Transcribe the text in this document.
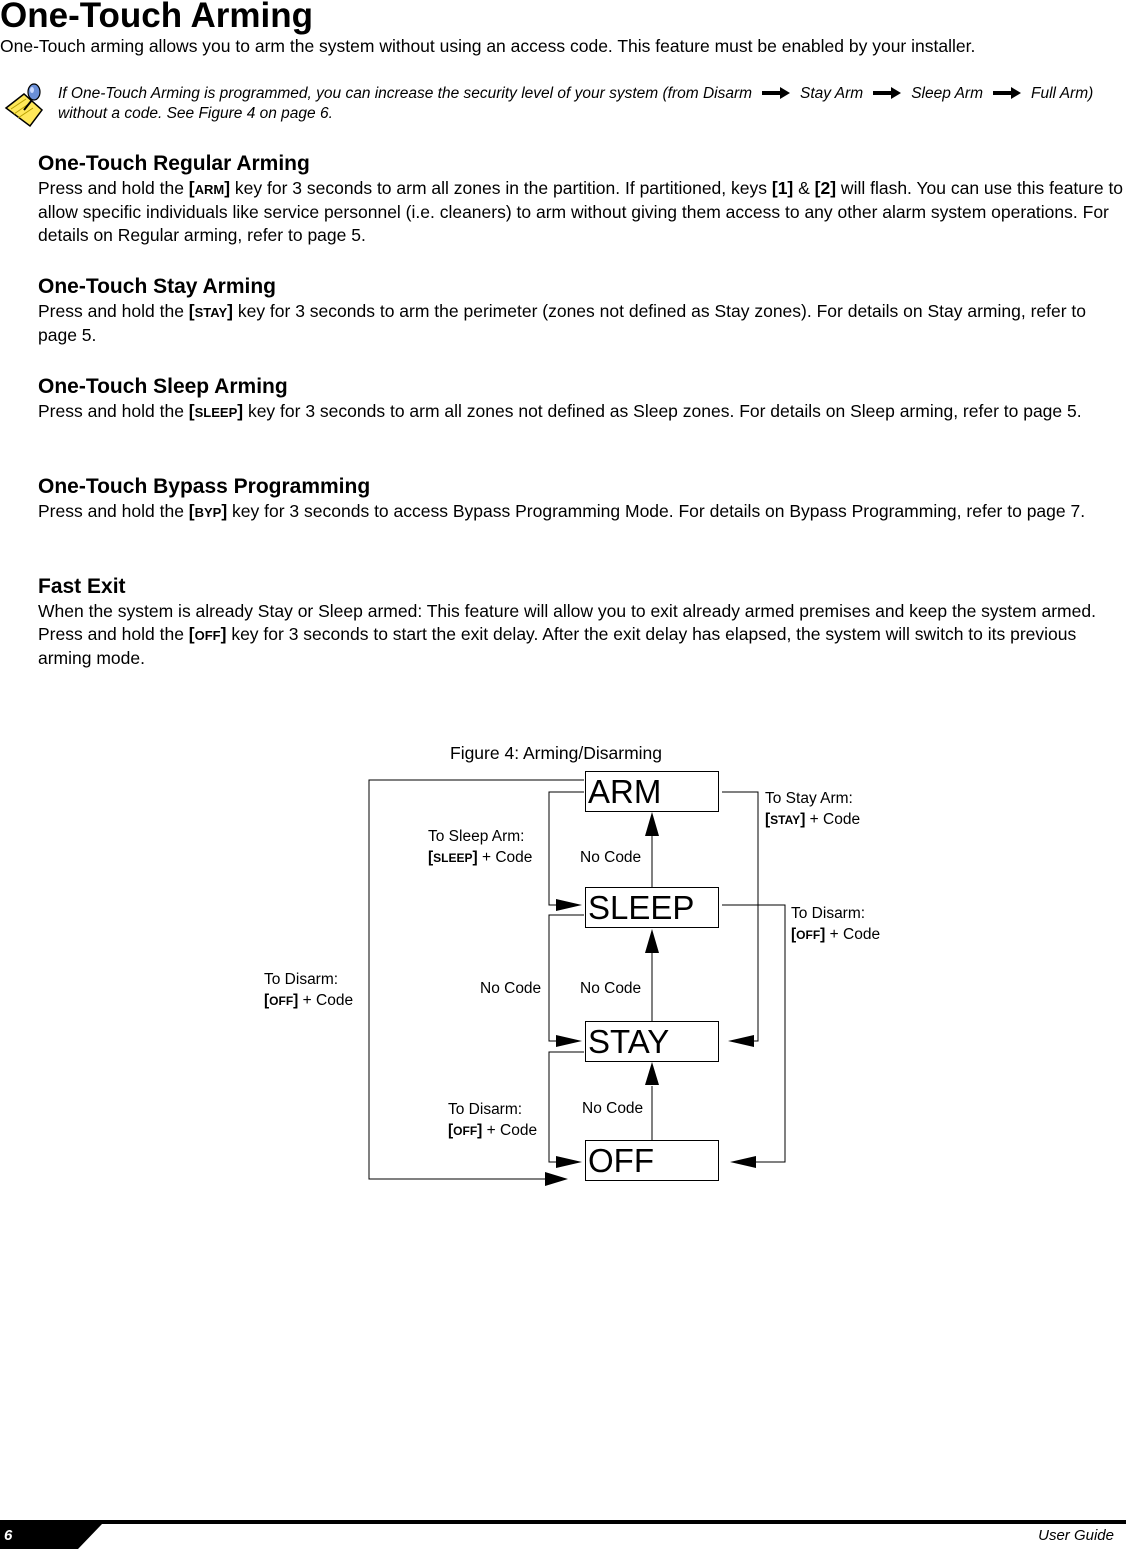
One-Touch Arming

One-Touch arming allows you to arm the system without using an access code. This feature must be enabled by your installer.

If One-Touch Arming is programmed, you can increase the security level of your system (from Disarm	Stay Arm	Sleep Arm	Full Arm)
without a code. See Figure 4 on page 6.
One-Touch Regular Arming

Press and hold the [ARM] key for 3 seconds to arm all zones in the partition. If partitioned, keys [1] & [2] will flash. You can use this feature to allow specific individuals like service personnel (i.e. cleaners) to arm without giving them access to any other alarm system operations. For details on Regular arming, refer to page 5.

One-Touch Stay Arming

Press and hold the [STAY] key for 3 seconds to arm the perimeter (zones not defined as Stay zones). For details on Stay arming, refer to page 5.

One-Touch Sleep Arming

Press and hold the [SLEEP] key for 3 seconds to arm all zones not defined as Sleep zones. For details on Sleep arming, refer to page 5.

One-Touch Bypass Programming

Press and hold the [BYP] key for 3 seconds to access Bypass Programming Mode. For details on Bypass Programming, refer to page 7.

Fast Exit

When the system is already Stay or Sleep armed: This feature will allow you to exit already armed premises and keep the system armed. Press and hold the [OFF] key for 3 seconds to start the exit delay. After the exit delay has elapsed, the system will switch to its previous arming mode.

Figure 4: Arming/Disarming
ARM
SLEEP
STAY
OFF
To Stay Arm:
[STAY] + Code
To Sleep Arm:
[SLEEP] + Code	No Code
To Disarm:
[OFF] + Code
To Disarm:
[OFF] + Code
No Code	No Code
To Disarm:
[OFF] + Code
No Code
6	User Guide
